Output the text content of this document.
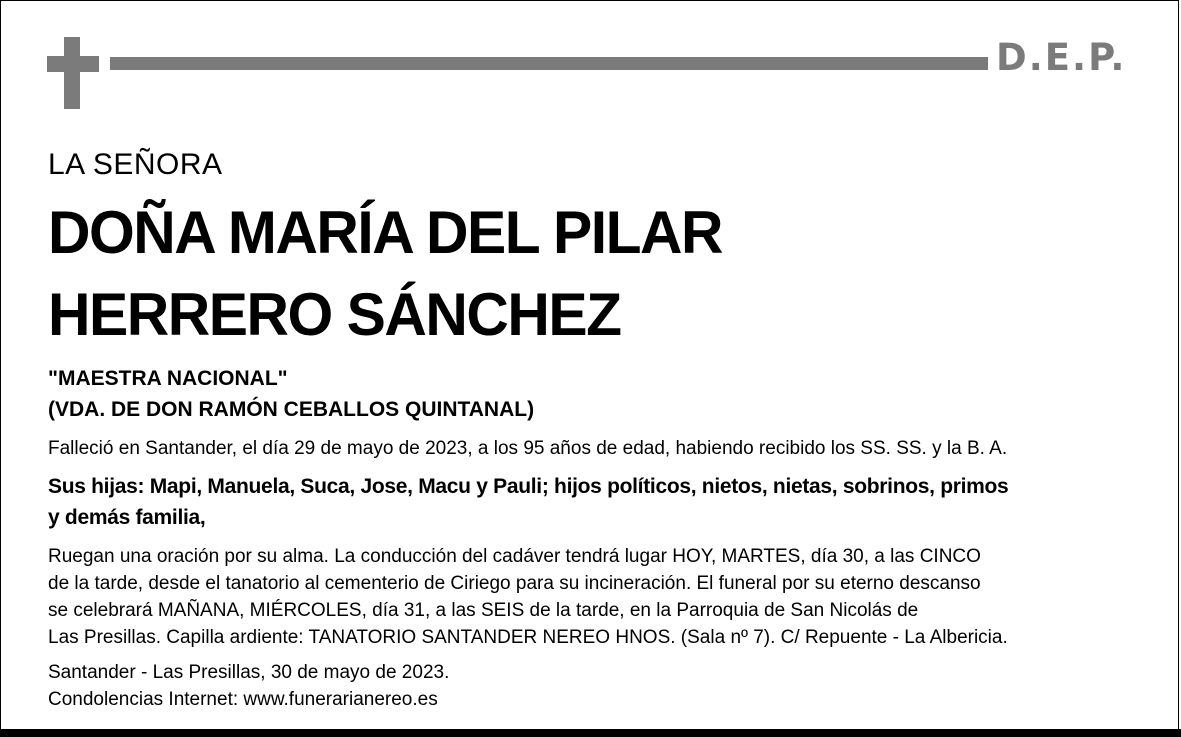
D.E.P.
LA SEÑORA
DOÑA MARÍA DEL PILAR
HERRERO SÁNCHEZ
"MAESTRA NACIONAL"
(VDA. DE DON RAMÓN CEBALLOS QUINTANAL)
Falleció en Santander, el día 29 de mayo de 2023, a los 95 años de edad, habiendo recibido los SS. SS. y la B. A.
Sus hijas: Mapi, Manuela, Suca, Jose, Macu y Pauli; hijos políticos, nietos, nietas, sobrinos, primos
y demás familia,
Ruegan una oración por su alma. La conducción del cadáver tendrá lugar HOY, MARTES, día 30, a las CINCO
de la tarde, desde el tanatorio al cementerio de Ciriego para su incineración. El funeral por su eterno descanso
se celebrará MAÑANA, MIÉRCOLES, día 31, a las SEIS de la tarde, en la Parroquia de San Nicolás de
Las Presillas. Capilla ardiente: TANATORIO SANTANDER NEREO HNOS. (Sala nº 7). C/ Repuente - La Albericia.
Santander - Las Presillas, 30 de mayo de 2023.
Condolencias Internet: www.funerarianereo.es
